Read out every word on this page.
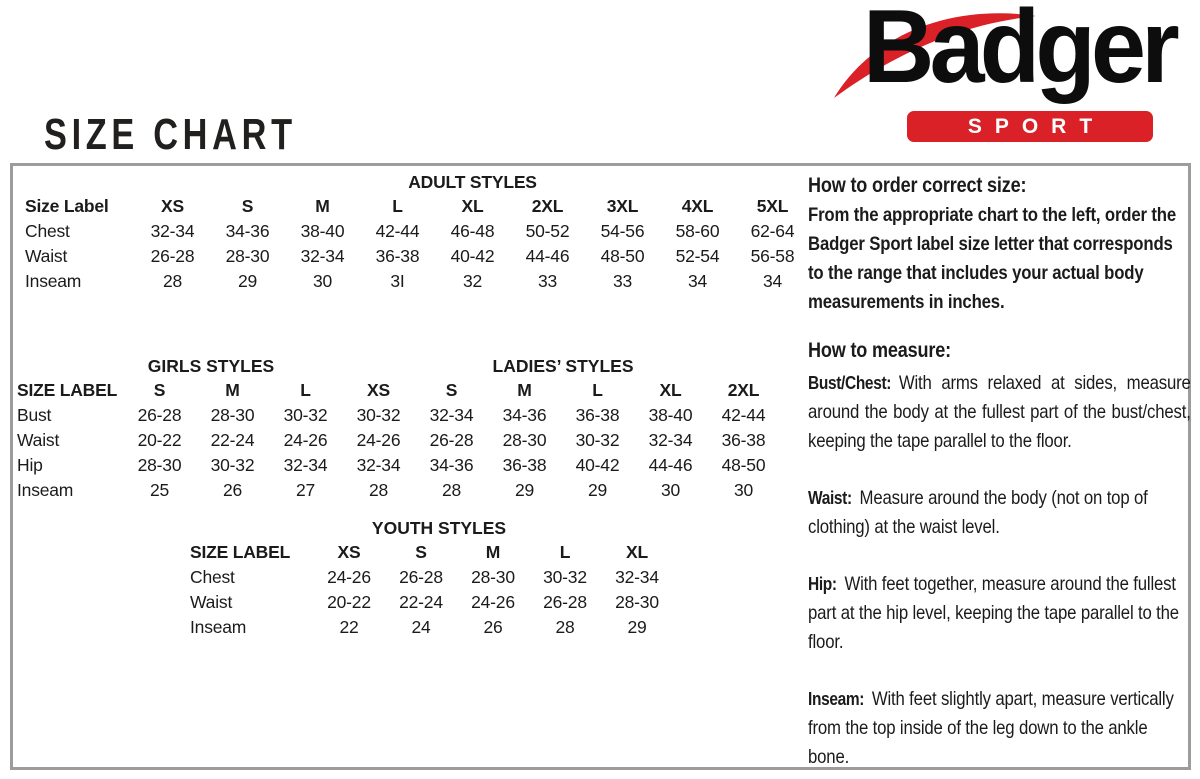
SIZE CHART
Badger
SPORT
ADULT STYLES
Size Label	XS	S	M	L	XL	2XL	3XL	4XL	5XL
Chest	32-34	34-36	38-40	42-44	46-48	50-52	54-56	58-60	62-64
Waist	26-28	28-30	32-34	36-38	40-42	44-46	48-50	52-54	56-58
Inseam	28	29	30	3I	32	33	33	34	34
GIRLS STYLES	LADIES’ STYLES
SIZE LABEL	S	M	L	XS	S	M	L	XL	2XL
Bust	26-28	28-30	30-32	30-32	32-34	34-36	36-38	38-40	42-44
Waist	20-22	22-24	24-26	24-26	26-28	28-30	30-32	32-34	36-38
Hip	28-30	30-32	32-34	32-34	34-36	36-38	40-42	44-46	48-50
Inseam	25	26	27	28	28	29	29	30	30
YOUTH STYLES
SIZE LABEL	XS	S	M	L	XL
Chest	24-26	26-28	28-30	30-32	32-34
Waist	20-22	22-24	24-26	26-28	28-30
Inseam	22	24	26	28	29
How to order correct size:

From the appropriate chart to the left, order the Badger Sport label size letter that corresponds to the range that includes your actual body measurements in inches.

How to measure:

Bust/Chest: With arms relaxed at sides, measure around the body at the fullest part of the bust/chest, keeping the tape parallel to the floor.

Waist: Measure around the body (not on top of clothing) at the waist level.

Hip: With feet together, measure around the fullest part at the hip level, keeping the tape parallel to the floor.

Inseam: With feet slightly apart, measure vertically from the top inside of the leg down to the ankle bone.
